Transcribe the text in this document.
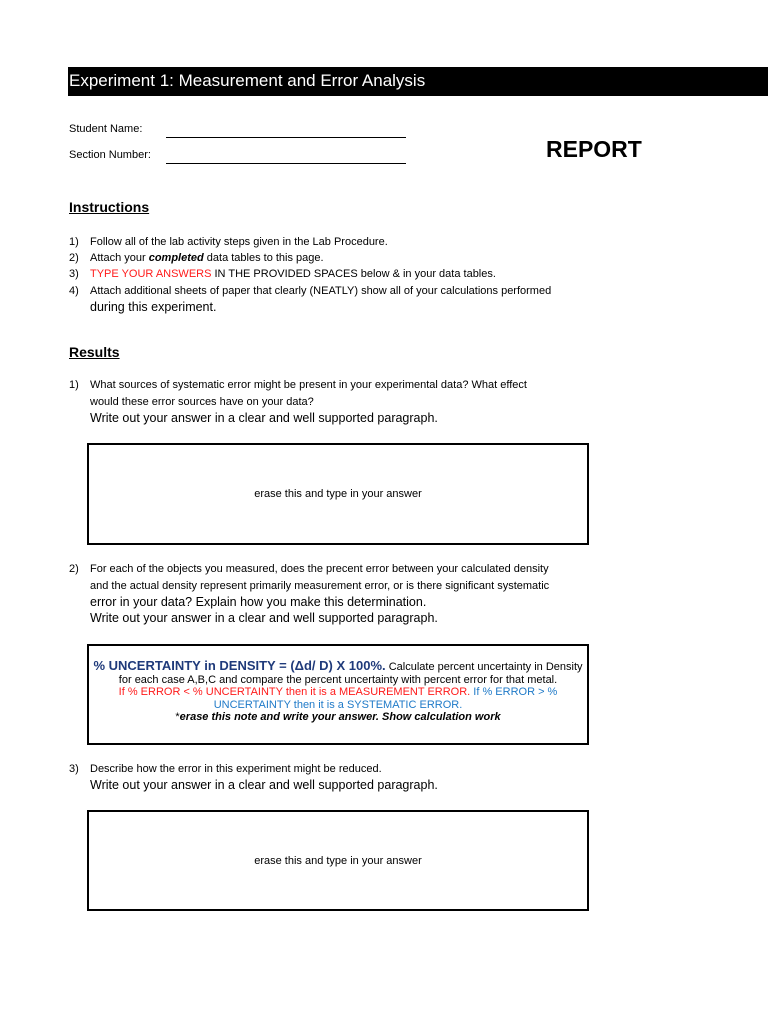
Experiment 1: Measurement and Error Analysis
Student Name:
Section Number:	REPORT
Instructions
1) Follow all of the lab activity steps given in the Lab Procedure.
2) Attach your completed data tables to this page.
3) TYPE YOUR ANSWERS IN THE PROVIDED SPACES below & in your data tables.
4) Attach additional sheets of paper that clearly (NEATLY) show all of your calculations performed
during this experiment.
Results
1) What sources of systematic error might be present in your experimental data? What effect
would these error sources have on your data?
Write out your answer in a clear and well supported paragraph.
erase this and type in your answer
2) For each of the objects you measured, does the precent error between your calculated density
and the actual density represent primarily measurement error, or is there significant systematic
error in your data? Explain how you make this determination.
Write out your answer in a clear and well supported paragraph.
% UNCERTAINTY in DENSITY = (Δd/ D) X 100%. Calculate percent uncertainty in Density for each case A,B,C and compare the percent uncertainty with percent error for that metal.
If % ERROR < % UNCERTAINTY then it is a MEASUREMENT ERROR. If % ERROR > % UNCERTAINTY then it is a SYSTEMATIC ERROR.
*erase this note and write your answer. Show calculation work
3) Describe how the error in this experiment might be reduced.
Write out your answer in a clear and well supported paragraph.
erase this and type in your answer
